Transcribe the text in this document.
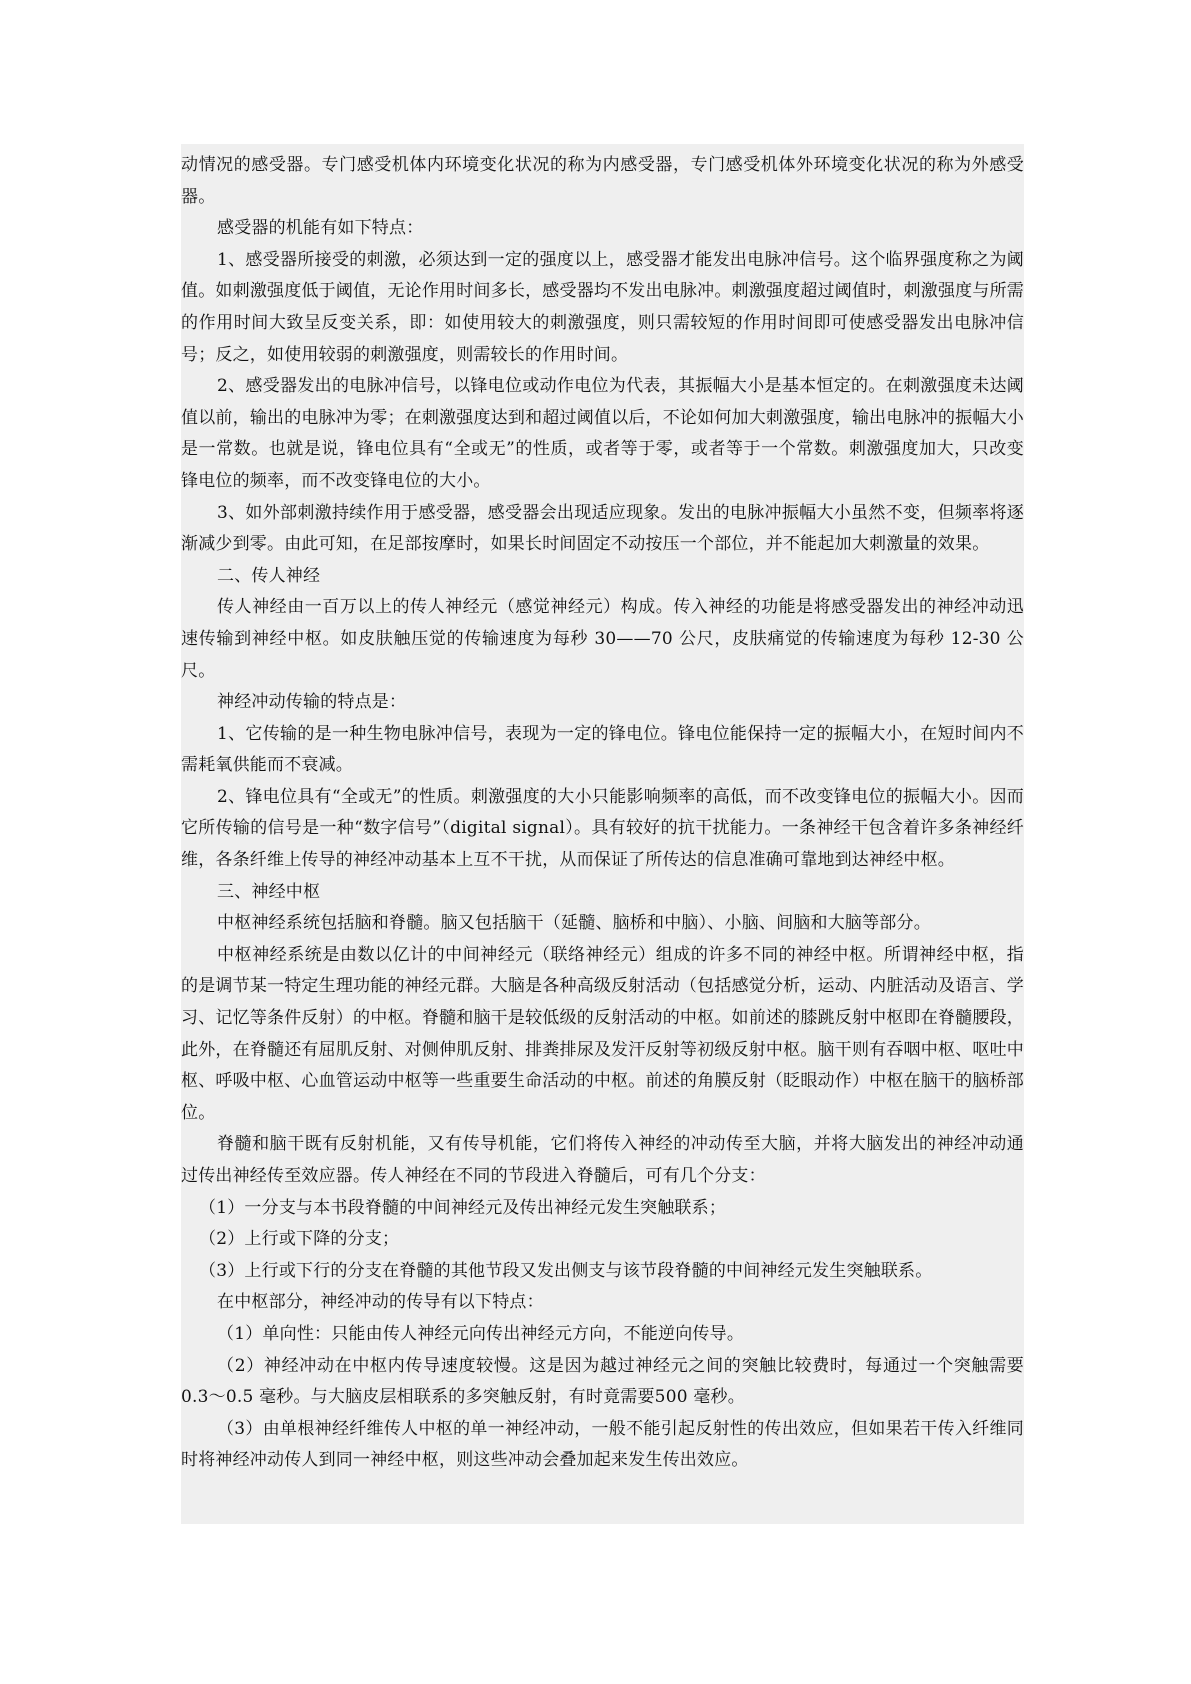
动情况的感受器。专门感受机体内环境变化状况的称为内感受器，专门感受机体外环境变化状况的称为外感受器。

感受器的机能有如下特点：

1、感受器所接受的刺激，必须达到一定的强度以上，感受器才能发出电脉冲信号。这个临界强度称之为阈值。如刺激强度低于阈值，无论作用时间多长，感受器均不发出电脉冲。刺激强度超过阈值时，刺激强度与所需的作用时间大致呈反变关系，即：如使用较大的刺激强度，则只需较短的作用时间即可使感受器发出电脉冲信号；反之，如使用较弱的刺激强度，则需较长的作用时间。

2、感受器发出的电脉冲信号，以锋电位或动作电位为代表，其振幅大小是基本恒定的。在刺激强度未达阈值以前，输出的电脉冲为零；在刺激强度达到和超过阈值以后，不论如何加大刺激强度，输出电脉冲的振幅大小是一常数。也就是说，锋电位具有“全或无”的性质，或者等于零，或者等于一个常数。刺激强度加大，只改变锋电位的频率，而不改变锋电位的大小。

3、如外部刺激持续作用于感受器，感受器会出现适应现象。发出的电脉冲振幅大小虽然不变，但频率将逐渐减少到零。由此可知，在足部按摩时，如果长时间固定不动按压一个部位，并不能起加大刺激量的效果。

二、传人神经

传人神经由一百万以上的传人神经元（感觉神经元）构成。传入神经的功能是将感受器发出的神经冲动迅速传输到神经中枢。如皮肤触压觉的传输速度为每秒 30——70 公尺，皮肤痛觉的传输速度为每秒 12-30 公尺。

神经冲动传输的特点是：

1、它传输的是一种生物电脉冲信号，表现为一定的锋电位。锋电位能保持一定的振幅大小，在短时间内不需耗氧供能而不衰减。

2、锋电位具有“全或无”的性质。刺激强度的大小只能影响频率的高低，而不改变锋电位的振幅大小。因而它所传输的信号是一种“数字信号”（digital signal）。具有较好的抗干扰能力。一条神经干包含着许多条神经纤维，各条纤维上传导的神经冲动基本上互不干扰，从而保证了所传达的信息准确可靠地到达神经中枢。

三、神经中枢

中枢神经系统包括脑和脊髓。脑又包括脑干（延髓、脑桥和中脑）、小脑、间脑和大脑等部分。

中枢神经系统是由数以亿计的中间神经元（联络神经元）组成的许多不同的神经中枢。所谓神经中枢，指的是调节某一特定生理功能的神经元群。大脑是各种高级反射活动（包括感觉分析，运动、内脏活动及语言、学习、记忆等条件反射）的中枢。脊髓和脑干是较低级的反射活动的中枢。如前述的膝跳反射中枢即在脊髓腰段，此外，在脊髓还有屈肌反射、对侧伸肌反射、排粪排尿及发汗反射等初级反射中枢。脑干则有吞咽中枢、呕吐中枢、呼吸中枢、心血管运动中枢等一些重要生命活动的中枢。前述的角膜反射（眨眼动作）中枢在脑干的脑桥部位。

脊髓和脑干既有反射机能，又有传导机能，它们将传入神经的冲动传至大脑，并将大脑发出的神经冲动通过传出神经传至效应器。传人神经在不同的节段进入脊髓后，可有几个分支：

（1）一分支与本书段脊髓的中间神经元及传出神经元发生突触联系；

（2）上行或下降的分支；

（3）上行或下行的分支在脊髓的其他节段又发出侧支与该节段脊髓的中间神经元发生突触联系。

在中枢部分，神经冲动的传导有以下特点：

（1）单向性：只能由传人神经元向传出神经元方向，不能逆向传导。

（2）神经冲动在中枢内传导速度较慢。这是因为越过神经元之间的突触比较费时，每通过一个突触需要 0.3～0.5 毫秒。与大脑皮层相联系的多突触反射，有时竟需要500 毫秒。

（3）由单根神经纤维传人中枢的单一神经冲动，一般不能引起反射性的传出效应，但如果若干传入纤维同时将神经冲动传人到同一神经中枢，则这些冲动会叠加起来发生传出效应。
